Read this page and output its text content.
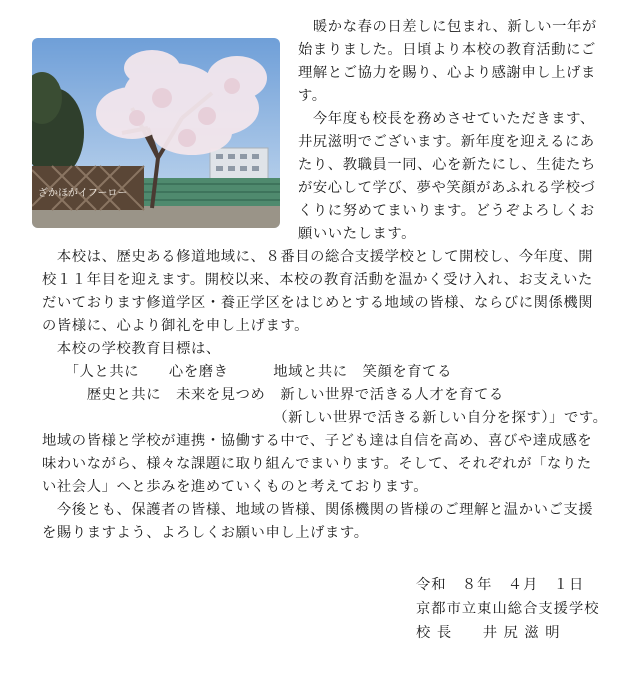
ざかほがイフーロー
　暖かな春の日差しに包まれ、新しい一年が
始まりました。日頃より本校の教育活動にご
理解とご協力を賜り、心より感謝申し上げま
す。
　今年度も校長を務めさせていただきます、
井尻滋明でございます。新年度を迎えるにあ
たり、教職員一同、心を新たにし、生徒たち
が安心して学び、夢や笑顔があふれる学校づ
くりに努めてまいります。どうぞよろしくお
願いいたします。
　本校は、歴史ある修道地域に、８番目の総合支援学校として開校し、今年度、開
校１１年目を迎えます。開校以来、本校の教育活動を温かく受け入れ、お支えいた
だいております修道学区・養正学区をはじめとする地域の皆様、ならびに関係機関
の皆様に、心より御礼を申し上げます。
　本校の学校教育目標は、
　　「人と共に　　心を磨き　　　地域と共に　笑顔を育てる
　　　歴史と共に　未来を見つめ　新しい世界で活きる人才を育てる
　　　　　　　　　　　　　　　　（新しい世界で活きる新しい自分を探す）」です。
地域の皆様と学校が連携・協働する中で、子ども達は自信を高め、喜びや達成感を
味わいながら、様々な課題に取り組んでまいります。そして、それぞれが「なりた
い社会人」へと歩みを進めていくものと考えております。
　今後とも、保護者の皆様、地域の皆様、関係機関の皆様のご理解と温かいご支援
を賜りますよう、よろしくお願い申し上げます。
令和　８年　４月　１日
京都市立東山総合支援学校
校 長　　井 尻 滋 明
